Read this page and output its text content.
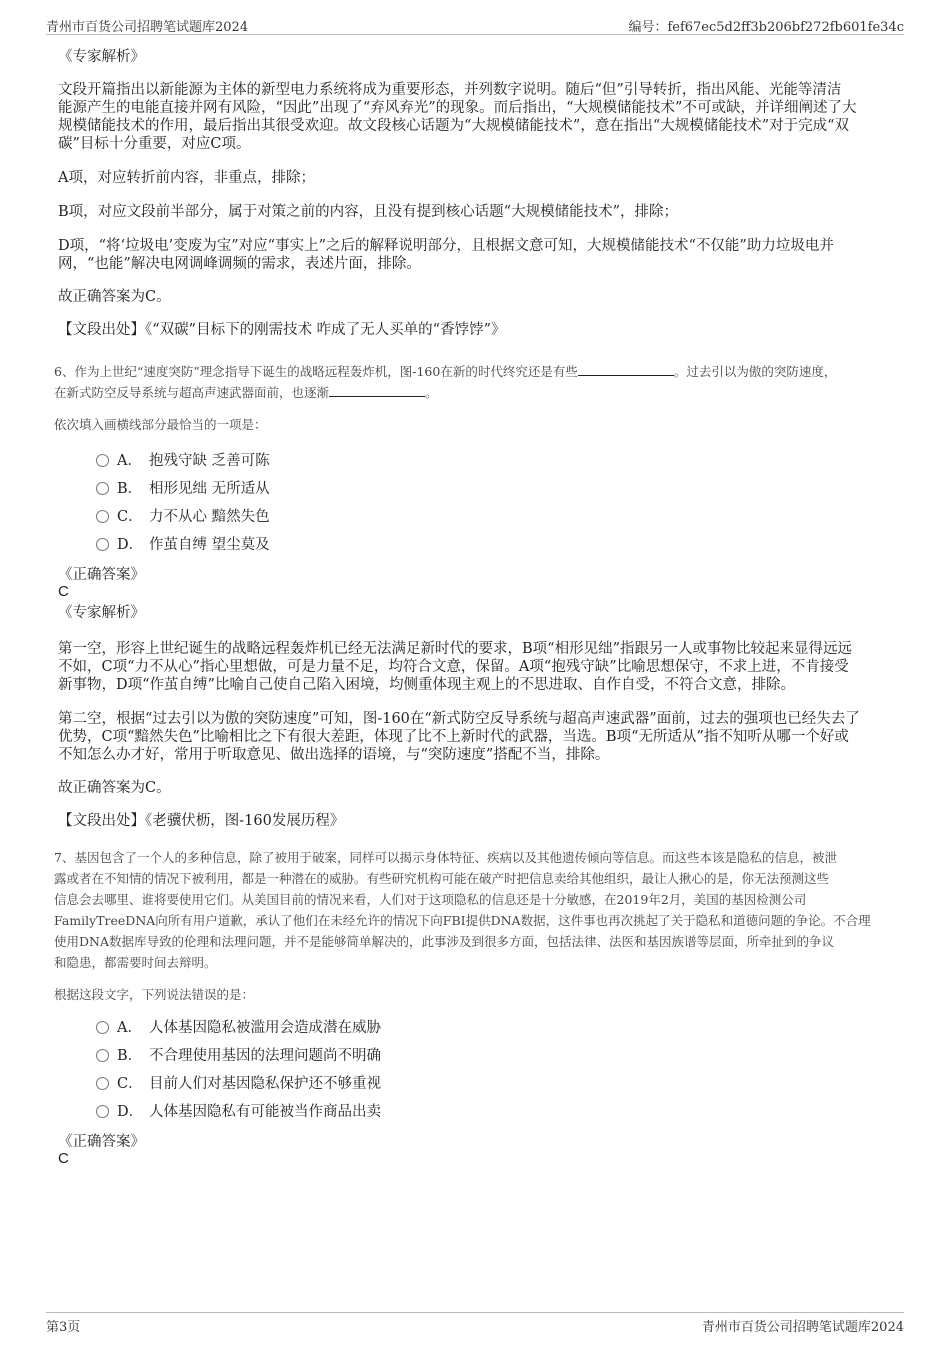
青州市百货公司招聘笔试题库2024	编号：fef67ec5d2ff3b206bf272fb601fe34c
《专家解析》
文段开篇指出以新能源为主体的新型电力系统将成为重要形态，并列数字说明。随后“但”引导转折，指出风能、光能等清洁
能源产生的电能直接并网有风险，“因此”出现了“弃风弃光”的现象。而后指出，“大规模储能技术”不可或缺，并详细阐述了大
规模储能技术的作用，最后指出其很受欢迎。故文段核心话题为“大规模储能技术”，意在指出“大规模储能技术”对于完成“双
碳”目标十分重要，对应C项。
A项，对应转折前内容，非重点，排除；
B项，对应文段前半部分，属于对策之前的内容，且没有提到核心话题“大规模储能技术”，排除；
D项，“将‘垃圾电’变废为宝”对应“事实上”之后的解释说明部分，且根据文意可知，大规模储能技术“不仅能”助力垃圾电并
网，“也能”解决电网调峰调频的需求，表述片面，排除。
故正确答案为C。
【文段出处】《“双碳”目标下的刚需技术 咋成了无人买单的“香饽饽”》
6、作为上世纪“速度突防”理念指导下诞生的战略远程轰炸机，图-160在新的时代终究还是有些	。过去引以为傲的突防速度，
在新式防空反导系统与超高声速武器面前，也逐渐	。
依次填入画横线部分最恰当的一项是：
A． 抱残守缺 乏善可陈
B． 相形见绌 无所适从
C． 力不从心 黯然失色
D． 作茧自缚 望尘莫及
《正确答案》
C
《专家解析》
第一空，形容上世纪诞生的战略远程轰炸机已经无法满足新时代的要求，B项“相形见绌”指跟另一人或事物比较起来显得远远
不如，C项“力不从心”指心里想做，可是力量不足，均符合文意，保留。A项“抱残守缺”比喻思想保守，不求上进，不肯接受
新事物，D项“作茧自缚”比喻自己使自己陷入困境，均侧重体现主观上的不思进取、自作自受，不符合文意，排除。
第二空，根据“过去引以为傲的突防速度”可知，图-160在“新式防空反导系统与超高声速武器”面前，过去的强项也已经失去了
优势，C项“黯然失色”比喻相比之下有很大差距，体现了比不上新时代的武器，当选。B项“无所适从”指不知听从哪一个好或
不知怎么办才好，常用于听取意见、做出选择的语境，与“突防速度”搭配不当，排除。
故正确答案为C。
【文段出处】《老骥伏枥，图-160发展历程》
7、基因包含了一个人的多种信息，除了被用于破案，同样可以揭示身体特征、疾病以及其他遗传倾向等信息。而这些本该是隐私的信息，被泄
露或者在不知情的情况下被利用，都是一种潜在的威胁。有些研究机构可能在破产时把信息卖给其他组织，最让人揪心的是，你无法预测这些
信息会去哪里、谁将要使用它们。从美国目前的情况来看，人们对于这项隐私的信息还是十分敏感，在2019年2月，美国的基因检测公司
FamilyTreeDNA向所有用户道歉，承认了他们在未经允许的情况下向FBI提供DNA数据，这件事也再次挑起了关于隐私和道德问题的争论。不合理
使用DNA数据库导致的伦理和法理问题，并不是能够简单解决的，此事涉及到很多方面，包括法律、法医和基因族谱等层面，所牵扯到的争议
和隐患，都需要时间去辩明。
根据这段文字，下列说法错误的是：
A． 人体基因隐私被滥用会造成潜在威胁
B． 不合理使用基因的法理问题尚不明确
C． 目前人们对基因隐私保护还不够重视
D． 人体基因隐私有可能被当作商品出卖
《正确答案》
C
第3页	青州市百货公司招聘笔试题库2024
